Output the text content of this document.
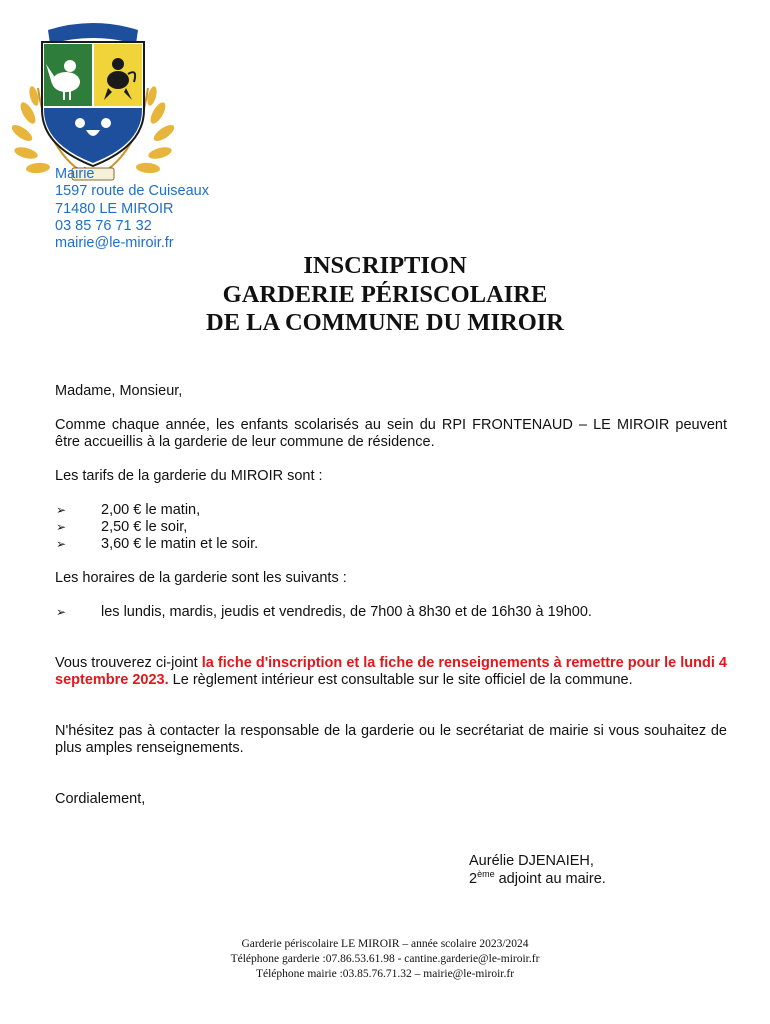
Mairie
1597 route de Cuiseaux
71480 LE MIROIR
03 85 76 71 32
mairie@le-miroir.fr
INSCRIPTION
GARDERIE PÉRISCOLAIRE
DE LA COMMUNE DU MIROIR

Madame, Monsieur,

Comme chaque année, les enfants scolarisés au sein du RPI FRONTENAUD – LE MIROIR peuvent être accueillis à la garderie de leur commune de résidence.

Les tarifs de la garderie du MIROIR sont :

➢ 2,00 € le matin,
➢ 2,50 € le soir,
➢ 3,60 € le matin et le soir.

Les horaires de la garderie sont les suivants :

➢ les lundis, mardis, jeudis et vendredis, de 7h00 à 8h30 et de 16h30 à 19h00.

Vous trouverez ci-joint la fiche d'inscription et la fiche de renseignements à remettre pour le lundi 4 septembre 2023. Le règlement intérieur est consultable sur le site officiel de la commune.

N'hésitez pas à contacter la responsable de la garderie ou le secrétariat de mairie si vous souhaitez de plus amples renseignements.

Cordialement,

Aurélie DJENAIEH,
2ème adjoint au maire.
Garderie périscolaire LE MIROIR – année scolaire 2023/2024
Téléphone garderie :07.86.53.61.98 - cantine.garderie@le-miroir.fr
Téléphone mairie :03.85.76.71.32 – mairie@le-miroir.fr
